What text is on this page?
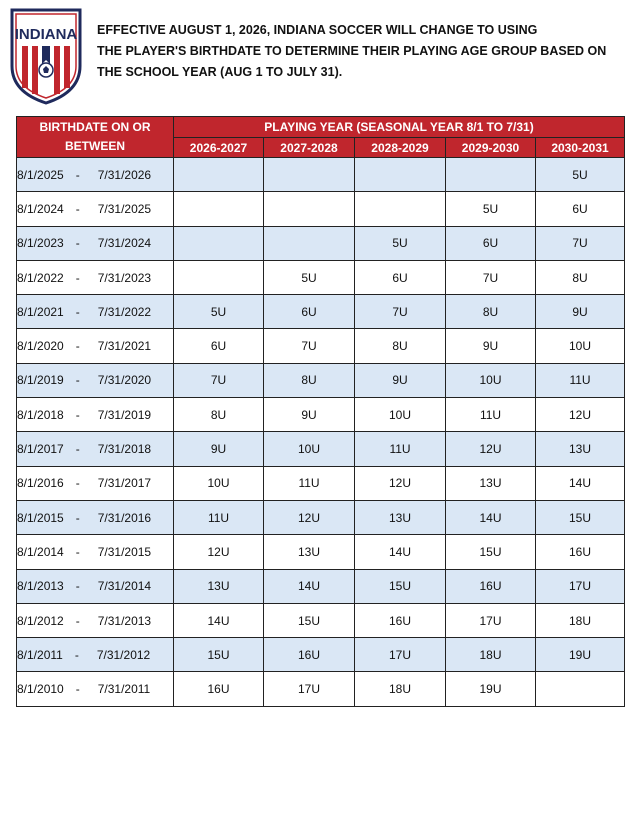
INDIANA EFFECTIVE AUGUST 1, 2026, INDIANA SOCCER WILL CHANGE TO USING
THE PLAYER'S BIRTHDATE TO DETERMINE THEIR PLAYING AGE GROUP BASED ON
THE SCHOOL YEAR (AUG 1 TO JULY 31).
BIRTHDATE ON OR
BETWEEN	PLAYING YEAR (SEASONAL YEAR 8/1 TO 7/31)				
	2026-2027	2027-2028	2028-2029	2029-2030	2030-2031
8/1/2025 - 7/31/2026					5U
8/1/2024 - 7/31/2025				5U	6U
8/1/2023 - 7/31/2024			5U	6U	7U
8/1/2022 - 7/31/2023		5U	6U	7U	8U
8/1/2021 - 7/31/2022	5U	6U	7U	8U	9U
8/1/2020 - 7/31/2021	6U	7U	8U	9U	10U
8/1/2019 - 7/31/2020	7U	8U	9U	10U	11U
8/1/2018 - 7/31/2019	8U	9U	10U	11U	12U
8/1/2017 - 7/31/2018	9U	10U	11U	12U	13U
8/1/2016 - 7/31/2017	10U	11U	12U	13U	14U
8/1/2015 - 7/31/2016	11U	12U	13U	14U	15U
8/1/2014 - 7/31/2015	12U	13U	14U	15U	16U
8/1/2013 - 7/31/2014	13U	14U	15U	16U	17U
8/1/2012 - 7/31/2013	14U	15U	16U	17U	18U
8/1/2011 - 7/31/2012	15U	16U	17U	18U	19U
8/1/2010 - 7/31/2011	16U	17U	18U	19U	
